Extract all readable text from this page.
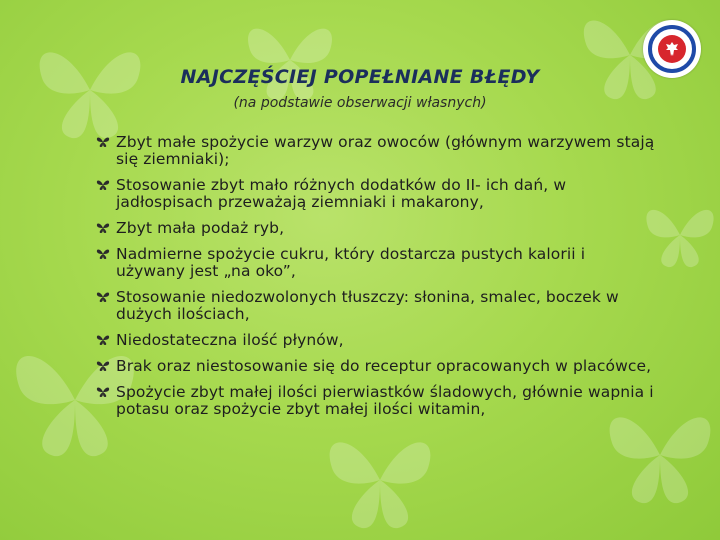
NAJCZĘŚCIEJ POPEŁNIANE BŁĘDY

(na podstawie obserwacji własnych)

Zbyt małe spożycie warzyw oraz owoców (głównym warzywem stają się ziemniaki);
Stosowanie zbyt mało różnych dodatków do II- ich dań, w jadłospisach przeważają ziemniaki i makarony,
Zbyt mała podaż ryb,
Nadmierne spożycie cukru, który dostarcza pustych kalorii i używany jest „na oko”,
Stosowanie niedozwolonych tłuszczy: słonina, smalec, boczek w dużych ilościach,
Niedostateczna ilość płynów,
Brak oraz niestosowanie się do receptur opracowanych w placówce,
Spożycie zbyt małej ilości pierwiastków śladowych, głównie wapnia i potasu oraz spożycie zbyt małej ilości witamin,
